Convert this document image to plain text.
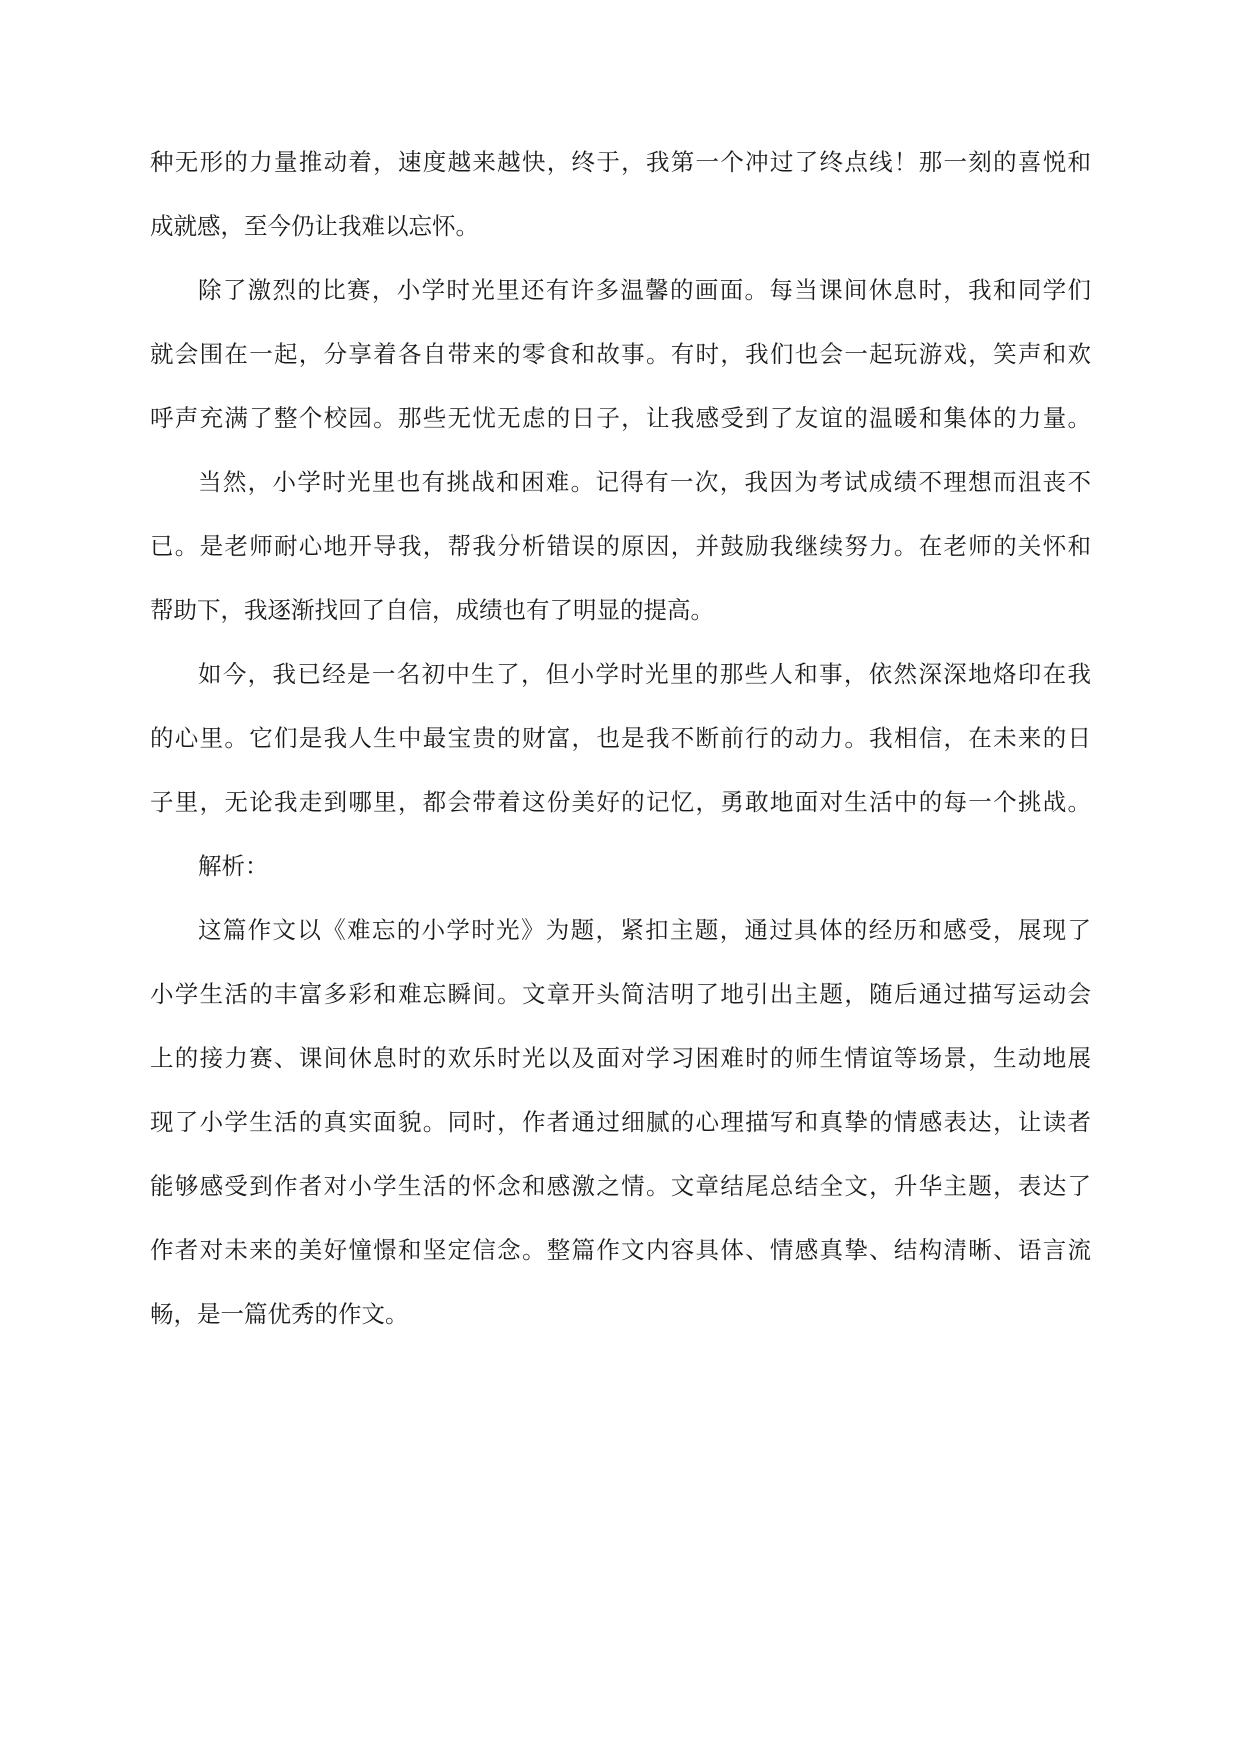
种无形的力量推动着，速度越来越快，终于，我第一个冲过了终点线！那一刻的喜悦和
成就感，至今仍让我难以忘怀。
除了激烈的比赛，小学时光里还有许多温馨的画面。每当课间休息时，我和同学们
就会围在一起，分享着各自带来的零食和故事。有时，我们也会一起玩游戏，笑声和欢
呼声充满了整个校园。那些无忧无虑的日子，让我感受到了友谊的温暖和集体的力量。
当然，小学时光里也有挑战和困难。记得有一次，我因为考试成绩不理想而沮丧不
已。是老师耐心地开导我，帮我分析错误的原因，并鼓励我继续努力。在老师的关怀和
帮助下，我逐渐找回了自信，成绩也有了明显的提高。
如今，我已经是一名初中生了，但小学时光里的那些人和事，依然深深地烙印在我
的心里。它们是我人生中最宝贵的财富，也是我不断前行的动力。我相信，在未来的日
子里，无论我走到哪里，都会带着这份美好的记忆，勇敢地面对生活中的每一个挑战。
解析：
这篇作文以《难忘的小学时光》为题，紧扣主题，通过具体的经历和感受，展现了
小学生活的丰富多彩和难忘瞬间。文章开头简洁明了地引出主题，随后通过描写运动会
上的接力赛、课间休息时的欢乐时光以及面对学习困难时的师生情谊等场景，生动地展
现了小学生活的真实面貌。同时，作者通过细腻的心理描写和真挚的情感表达，让读者
能够感受到作者对小学生活的怀念和感激之情。文章结尾总结全文，升华主题，表达了
作者对未来的美好憧憬和坚定信念。整篇作文内容具体、情感真挚、结构清晰、语言流
畅，是一篇优秀的作文。
